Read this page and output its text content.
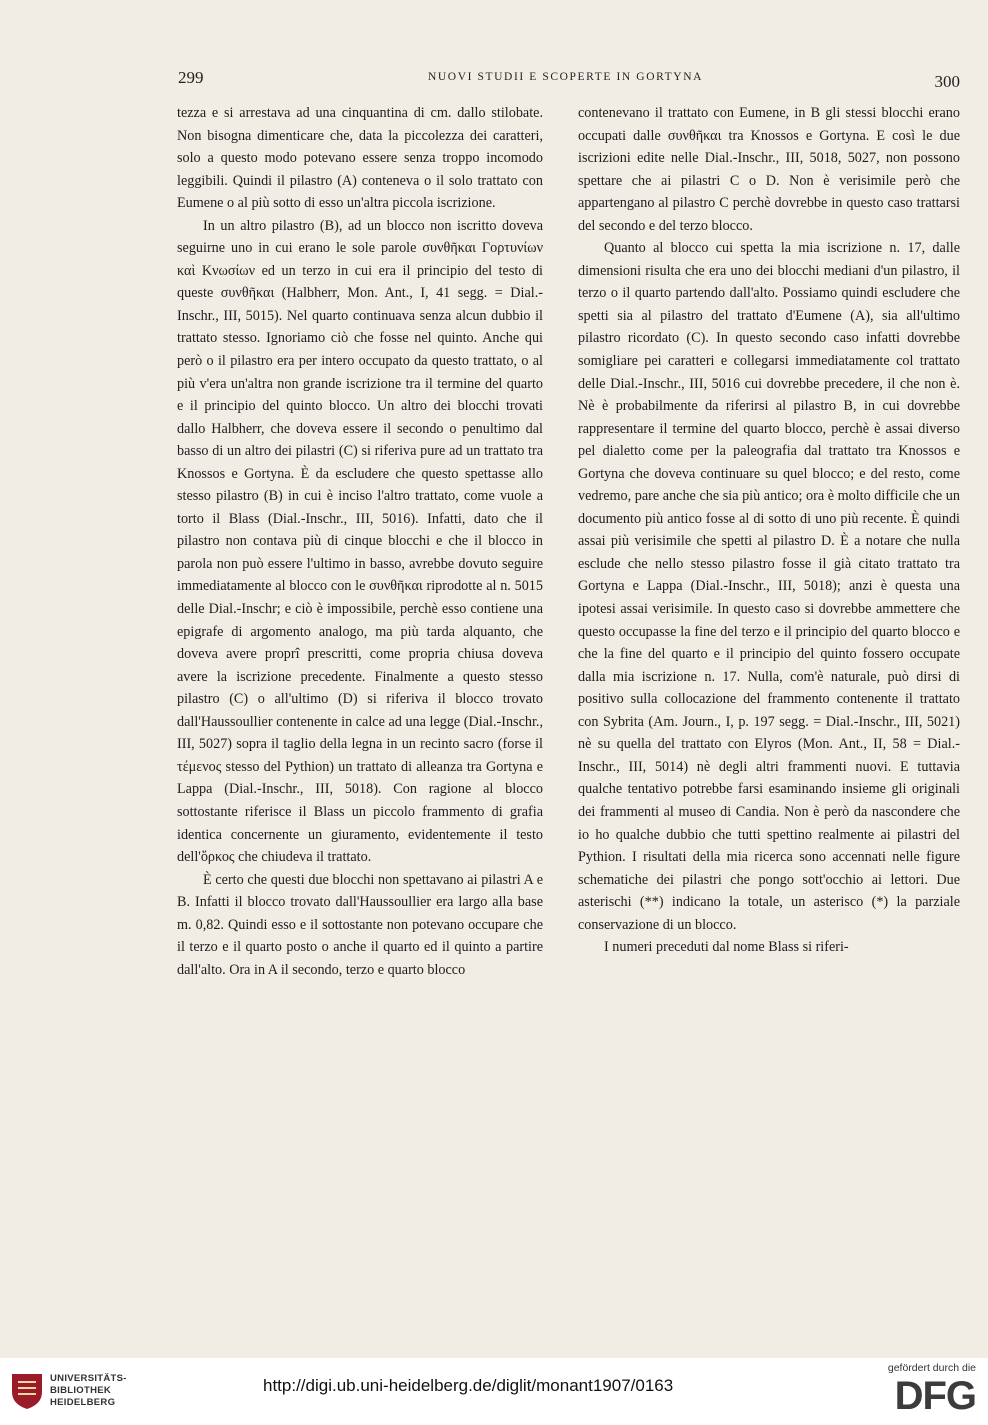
299	NUOVI STUDII E SCOPERTE IN GORTYNA	300

tezza e si arrestava ad una cinquantina di cm. dallo stilobate. Non bisogna dimenticare che, data la piccolezza dei caratteri, solo a questo modo potevano essere senza troppo incomodo leggibili. Quindi il pilastro (A) conteneva o il solo trattato con Eumene o al più sotto di esso un'altra piccola iscrizione.

In un altro pilastro (B), ad un blocco non iscritto doveva seguirne uno in cui erano le sole parole συνθῆκαι Γορτυνίων καὶ Κνωσίων ed un terzo in cui era il principio del testo di queste συνθῆκαι (Halbherr, Mon. Ant., I, 41 segg. = Dial.-Inschr., III, 5015). Nel quarto continuava senza alcun dubbio il trattato stesso. Ignoriamo ciò che fosse nel quinto. Anche qui però o il pilastro era per intero occupato da questo trattato, o al più v'era un'altra non grande iscrizione tra il termine del quarto e il principio del quinto blocco. Un altro dei blocchi trovati dallo Halbherr, che doveva essere il secondo o penultimo dal basso di un altro dei pilastri (C) si riferiva pure ad un trattato tra Knossos e Gortyna. È da escludere che questo spettasse allo stesso pilastro (B) in cui è inciso l'altro trattato, come vuole a torto il Blass (Dial.-Inschr., III, 5016). Infatti, dato che il pilastro non contava più di cinque blocchi e che il blocco in parola non può essere l'ultimo in basso, avrebbe dovuto seguire immediatamente al blocco con le συνθῆκαι riprodotte al n. 5015 delle Dial.-Inschr; e ciò è impossibile, perchè esso contiene una epigrafe di argomento analogo, ma più tarda alquanto, che doveva avere proprî prescritti, come propria chiusa doveva avere la iscrizione precedente. Finalmente a questo stesso pilastro (C) o all'ultimo (D) si riferiva il blocco trovato dall'Haussoullier contenente in calce ad una legge (Dial.-Inschr., III, 5027) sopra il taglio della legna in un recinto sacro (forse il τέμενος stesso del Pythion) un trattato di alleanza tra Gortyna e Lappa (Dial.-Inschr., III, 5018). Con ragione al blocco sottostante riferisce il Blass un piccolo frammento di grafia identica concernente un giuramento, evidentemente il testo dell'ὅρκος che chiudeva il trattato.

È certo che questi due blocchi non spettavano ai pilastri A e B. Infatti il blocco trovato dall'Haussoullier era largo alla base m. 0,82. Quindi esso e il sottostante non potevano occupare che il terzo e il quarto posto o anche il quarto ed il quinto a partire dall'alto. Ora in A il secondo, terzo e quarto blocco

contenevano il trattato con Eumene, in B gli stessi blocchi erano occupati dalle συνθῆκαι tra Knossos e Gortyna. E così le due iscrizioni edite nelle Dial.-Inschr., III, 5018, 5027, non possono spettare che ai pilastri C o D. Non è verisimile però che appartengano al pilastro C perchè dovrebbe in questo caso trattarsi del secondo e del terzo blocco.

Quanto al blocco cui spetta la mia iscrizione n. 17, dalle dimensioni risulta che era uno dei blocchi mediani d'un pilastro, il terzo o il quarto partendo dall'alto. Possiamo quindi escludere che spetti sia al pilastro del trattato d'Eumene (A), sia all'ultimo pilastro ricordato (C). In questo secondo caso infatti dovrebbe somigliare pei caratteri e collegarsi immediatamente col trattato delle Dial.-Inschr., III, 5016 cui dovrebbe precedere, il che non è. Nè è probabilmente da riferirsi al pilastro B, in cui dovrebbe rappresentare il termine del quarto blocco, perchè è assai diverso pel dialetto come per la paleografia dal trattato tra Knossos e Gortyna che doveva continuare su quel blocco; e del resto, come vedremo, pare anche che sia più antico; ora è molto difficile che un documento più antico fosse al di sotto di uno più recente. È quindi assai più verisimile che spetti al pilastro D. È a notare che nulla esclude che nello stesso pilastro fosse il già citato trattato tra Gortyna e Lappa (Dial.-Inschr., III, 5018); anzi è questa una ipotesi assai verisimile. In questo caso si dovrebbe ammettere che questo occupasse la fine del terzo e il principio del quarto blocco e che la fine del quarto e il principio del quinto fossero occupate dalla mia iscrizione n. 17. Nulla, com'è naturale, può dirsi di positivo sulla collocazione del frammento contenente il trattato con Sybrita (Am. Journ., I, p. 197 segg. = Dial.-Inschr., III, 5021) nè su quella del trattato con Elyros (Mon. Ant., II, 58 = Dial.-Inschr., III, 5014) nè degli altri frammenti nuovi. E tuttavia qualche tentativo potrebbe farsi esaminando insieme gli originali dei frammenti al museo di Candia. Non è però da nascondere che io ho qualche dubbio che tutti spettino realmente ai pilastri del Pythion. I risultati della mia ricerca sono accennati nelle figure schematiche dei pilastri che pongo sott'occhio ai lettori. Due asterischi (**) indicano la totale, un asterisco (*) la parziale conservazione di un blocco.

I numeri preceduti dal nome Blass si riferi-

UNIVERSITÄTS-
BIBLIOTHEK
HEIDELBERG
http://digi.ub.uni-heidelberg.de/diglit/monant1907/0163
gefördert durch die
DFG
